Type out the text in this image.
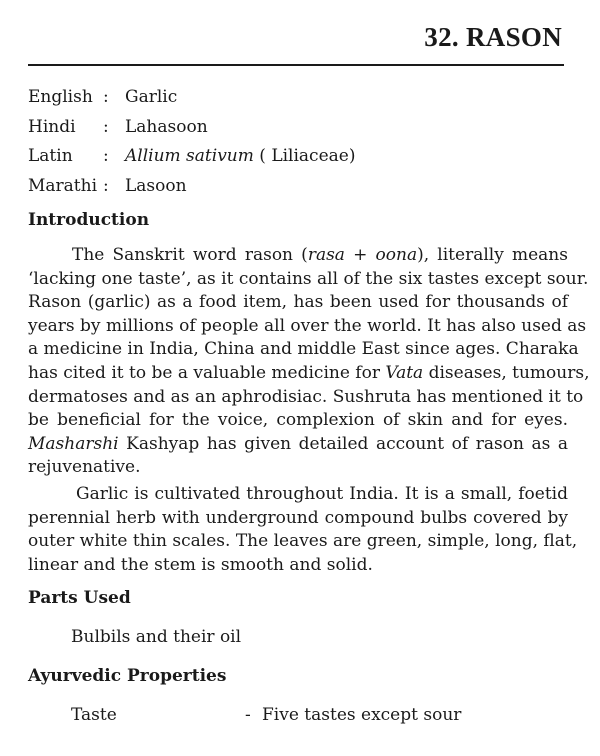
32. RASON
English : Garlic
Hindi	: Lahasoon
Latin	: Allium sativum ( Liliaceae)
Marathi : Lasoon
Introduction
The Sanskrit word rason (rasa + oona), literally means
‘lacking one taste’, as it contains all of the six tastes except sour.
Rason (garlic) as a food item, has been used for thousands of
years by millions of people all over the world. It has also used as
a medicine in India, China and middle East since ages. Charaka
has cited it to be a valuable medicine for Vata diseases, tumours,
dermatoses and as an aphrodisiac. Sushruta has mentioned it to
be beneficial for the voice, complexion of skin and for eyes.
Masharshi Kashyap has given detailed account of rason as a
rejuvenative.
Garlic is cultivated throughout India. It is a small, foetid
perennial herb with underground compound bulbs covered by
outer white thin scales. The leaves are green, simple, long, flat,
linear and the stem is smooth and solid.
Parts Used

Bulbils and their oil

Ayurvedic Properties
Taste	- Five tastes except sour
